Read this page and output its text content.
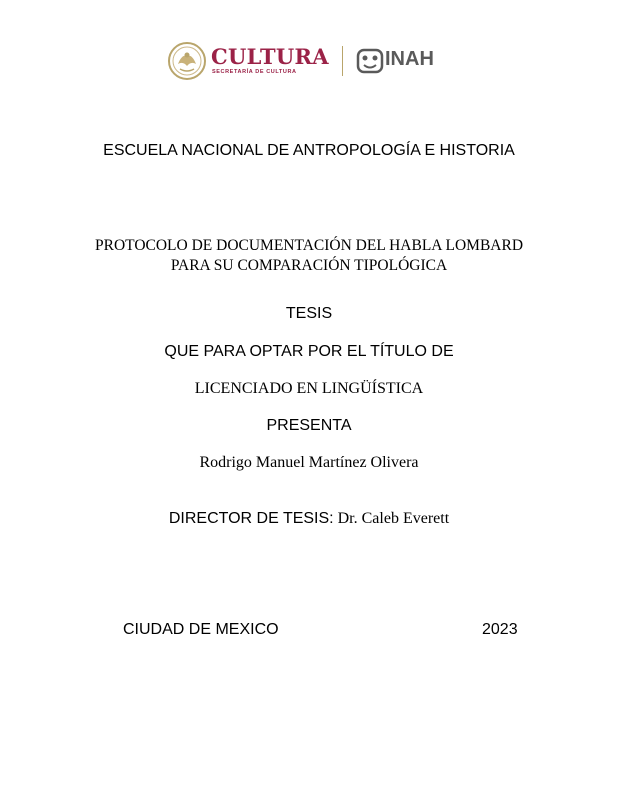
CULTURA
SECRETARÍA DE CULTURA
INAH
ESCUELA NACIONAL DE ANTROPOLOGÍA E HISTORIA
PROTOCOLO DE DOCUMENTACIÓN DEL HABLA LOMBARD
PARA SU COMPARACIÓN TIPOLÓGICA
TESIS
QUE PARA OPTAR POR EL TÍTULO DE
LICENCIADO EN LINGÜÍSTICA
PRESENTA
Rodrigo Manuel Martínez Olivera
DIRECTOR DE TESIS: Dr. Caleb Everett
CIUDAD DE MEXICO	2023
